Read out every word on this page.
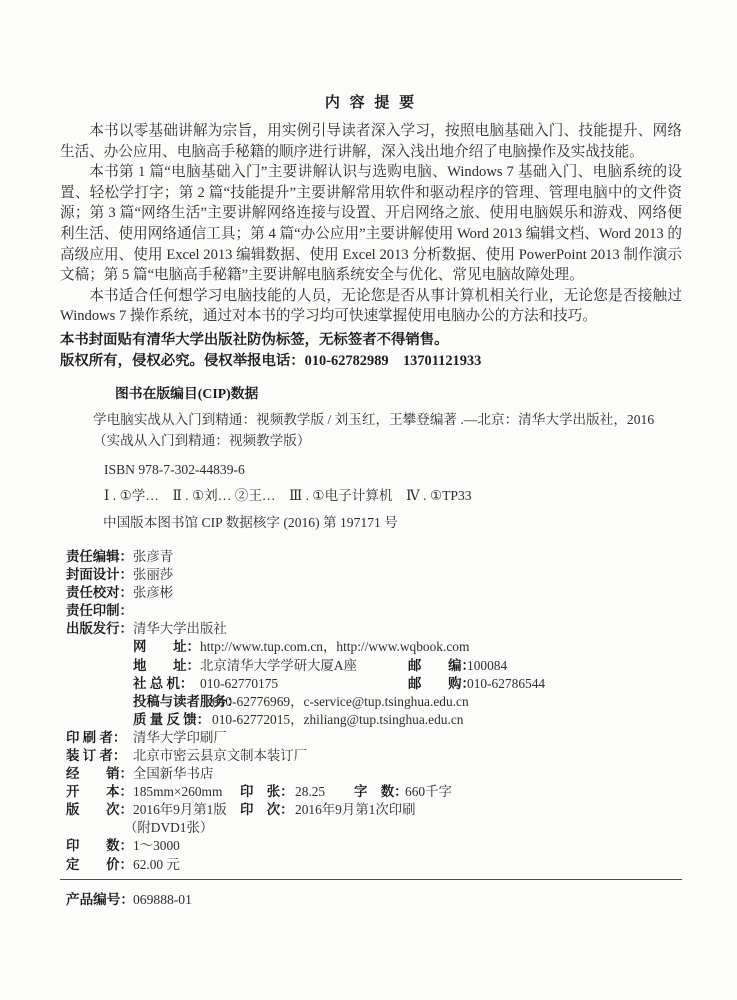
内 容 提 要

本书以零基础讲解为宗旨，用实例引导读者深入学习，按照电脑基础入门、技能提升、网络生活、办公应用、电脑高手秘籍的顺序进行讲解，深入浅出地介绍了电脑操作及实战技能。

本书第 1 篇“电脑基础入门”主要讲解认识与选购电脑、Windows 7 基础入门、电脑系统的设置、轻松学打字；第 2 篇“技能提升”主要讲解常用软件和驱动程序的管理、管理电脑中的文件资源；第 3 篇“网络生活”主要讲解网络连接与设置、开启网络之旅、使用电脑娱乐和游戏、网络便利生活、使用网络通信工具；第 4 篇“办公应用”主要讲解使用 Word 2013 编辑文档、Word 2013 的高级应用、使用 Excel 2013 编辑数据、使用 Excel 2013 分析数据、使用 PowerPoint 2013 制作演示文稿；第 5 篇“电脑高手秘籍”主要讲解电脑系统安全与优化、常见电脑故障处理。

本书适合任何想学习电脑技能的人员，无论您是否从事计算机相关行业，无论您是否接触过 Windows 7 操作系统，通过对本书的学习均可快速掌握使用电脑办公的方法和技巧。

本书封面贴有清华大学出版社防伪标签，无标签者不得销售。
版权所有，侵权必究。侵权举报电话：010-62782989　13701121933
图书在版编目(CIP)数据
学电脑实战从入门到精通：视频教学版 / 刘玉红，王攀登编著 .—北京：清华大学出版社，2016
（实战从入门到精通：视频教学版）
ISBN 978-7-302-44839-6
Ⅰ . ①学…　Ⅱ . ①刘… ②王…　Ⅲ . ①电子计算机　Ⅳ . ①TP33
中国版本图书馆 CIP 数据核字 (2016) 第 197171 号
责任编辑： 张彦青
封面设计： 张丽莎
责任校对： 张彦彬
责任印制：
出版发行： 清华大学出版社
网　　址： http://www.tup.com.cn，http://www.wqbook.com
地　　址： 北京清华大学学研大厦A座	邮　　编：
100084
社 总 机： 010-62770175	邮　　购：
010-62786544
投稿与读者服务：
010-62776969，c-service@tup.tsinghua.edu.cn
质 量 反 馈： 010-62772015，zhiliang@tup.tsinghua.edu.cn
印 刷 者： 清华大学印刷厂
装 订 者： 北京市密云县京文制本装订厂
经　　销： 全国新华书店
开　　本： 185mm×260mm 印　张： 28.25 字　数：
660千字
版　　次： 2016年9月第1版 印　次： 2016年9月第1次印刷
（附DVD1张）
印　　数： 1～3000
定　　价： 62.00 元
产品编号： 069888-01
